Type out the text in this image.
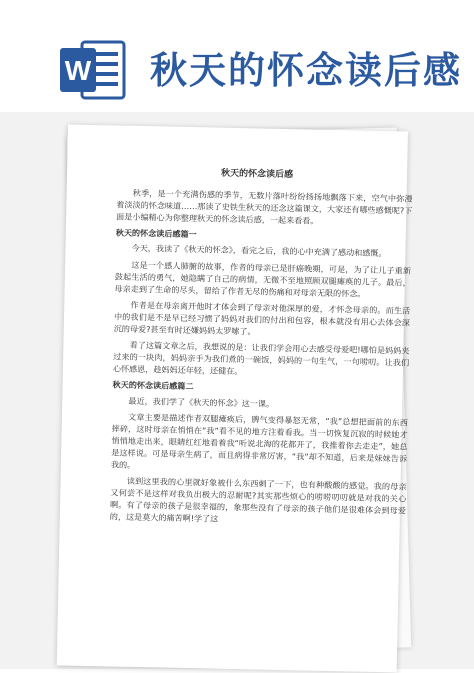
W 秋天的怀念读后感
秋天的怀念读后感

秋季，是一个充满伤感的季节，无数片落叶纷纷扬扬地飘落下来，空气中弥漫着淡淡的怀念味道……那读了史铁生秋天的还念这篇课文，大家还有哪些感慨呢?下面是小编精心为你整理秋天的怀念读后感，一起来看看。

秋天的怀念读后感篇一

今天，我读了《秋天的怀念》，看完之后，我的心中充满了感动和感慨。

这是一个感人肺腑的故事，作者的母亲已是肝癌晚期，可是，为了让儿子重新鼓起生活的勇气，她隐瞒了自己的病情，无微不至地照顾双腿瘫痪的儿子。最后，母亲走到了生命的尽头，留给了作者无尽的伤痛和对母亲无限的怀念。

作者是在母亲离开他时才体会到了母亲对他深厚的爱，才怀念母亲的。而生活中的我们是不是早已经习惯了妈妈对我们的付出和包容，根本就没有用心去体会深沉的母爱?甚至有时还嫌妈妈太罗嗦了。

看了这篇文章之后，我想说的是：让我们学会用心去感受母爱吧!哪怕是妈妈夹过来的一块肉，妈妈亲手为我们煮的一碗饭，妈妈的一句生气，一句唠叨。让我们心怀感恩，趁妈妈还年轻，还健在。

秋天的怀念读后感篇二

最近，我们学了《秋天的怀念》这一课。

文章主要是描述作者双腿瘫痪后，脾气变得暴怒无常，“我”总想把面前的东西摔碎，这时母亲在悄悄在“我”看不见的地方注着看我。当一切恢复沉寂的时候她才悄悄地走出来，眼睛红红地看着我“听说北海的花都开了，我推着你去走走”，她总是这样说。可是母亲生病了，而且病得非常厉害，“我”却不知道，后来是妹妹告诉我的。

读到这里我的心里就好象被什么东西刺了一下，也有种酸酸的感觉。我的母亲又何尝不是这样对我负出极大的忍耐呢?其实那些烦心的唠唠叨叨就是对我的关心啊。有了母亲的孩子是很幸福的，象那些没有了母亲的孩子他们是很难体会到母爱的，这是莫大的痛苦啊!学了这
